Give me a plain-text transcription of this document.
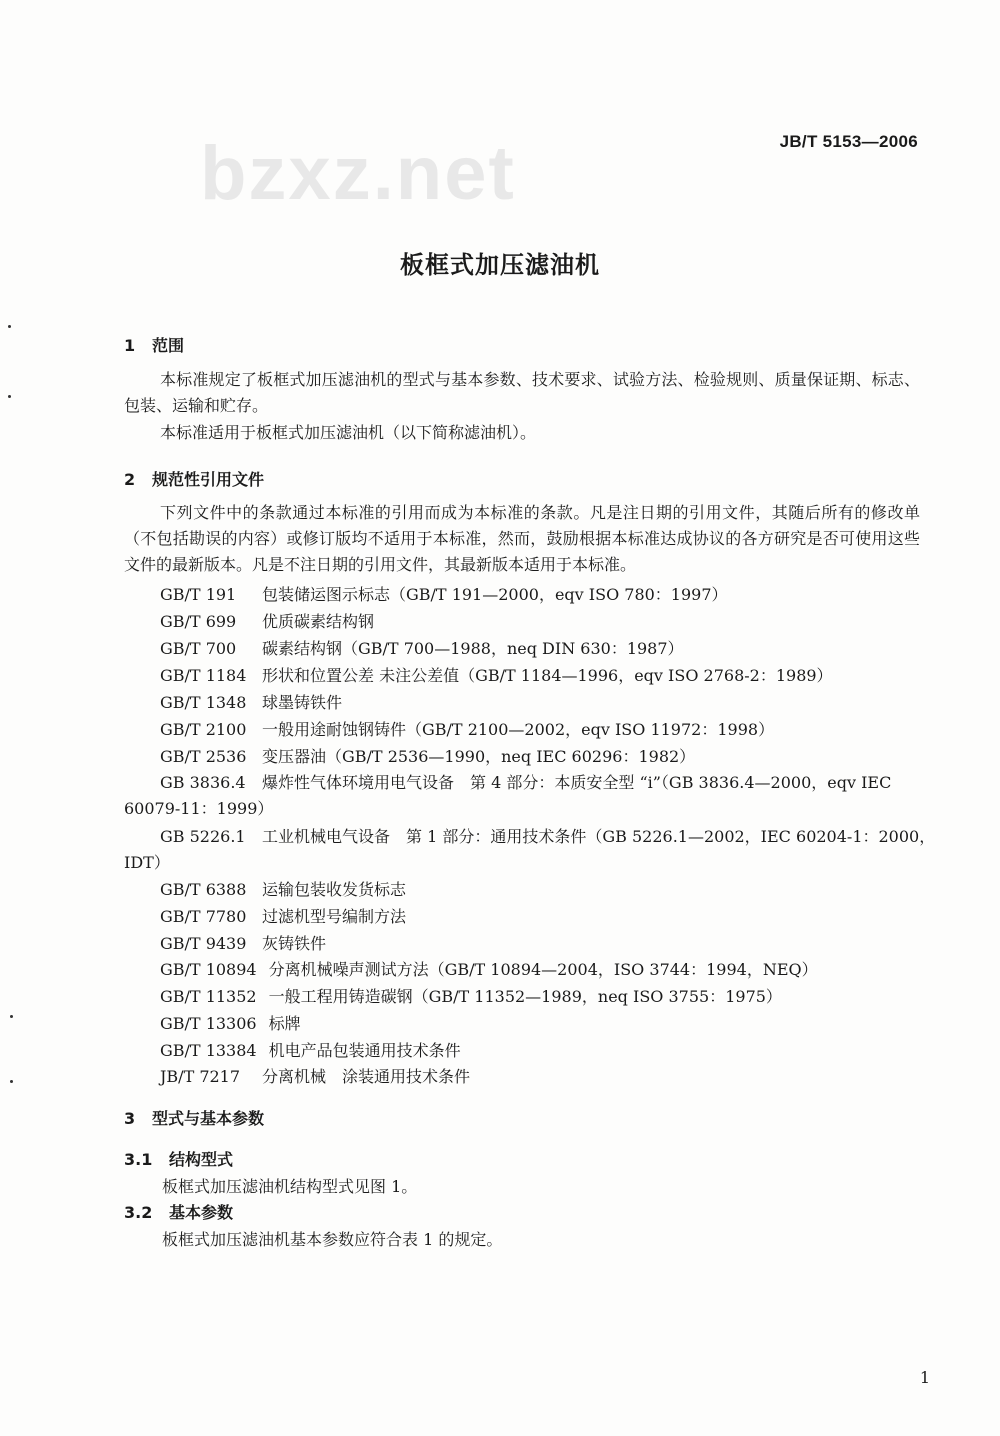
bzxz.net	JB/T 5153—2006
板框式加压滤油机
1 范围
本标准规定了板框式加压滤油机的型式与基本参数、技术要求、试验方法、检验规则、质量保证期、标志、包装、运输和贮存。
本标准适用于板框式加压滤油机（以下简称滤油机）。
2 规范性引用文件
下列文件中的条款通过本标准的引用而成为本标准的条款。凡是注日期的引用文件，其随后所有的修改单（不包括勘误的内容）或修订版均不适用于本标准，然而，鼓励根据本标准达成协议的各方研究是否可使用这些文件的最新版本。凡是不注日期的引用文件，其最新版本适用于本标准。
GB/T 191 包装储运图示标志（GB/T 191—2000，eqv ISO 780：1997）
GB/T 699 优质碳素结构钢
GB/T 700 碳素结构钢（GB/T 700—1988，neq DIN 630：1987）
GB/T 1184 形状和位置公差 未注公差值（GB/T 1184—1996，eqv ISO 2768-2：1989）
GB/T 1348 球墨铸铁件
GB/T 2100 一般用途耐蚀钢铸件（GB/T 2100—2002，eqv ISO 11972：1998）
GB/T 2536 变压器油（GB/T 2536—1990，neq IEC 60296：1982）
GB 3836.4 爆炸性气体环境用电气设备　第 4 部分：本质安全型 “i”（GB 3836.4—2000，eqv IEC
60079-11：1999）
GB 5226.1 工业机械电气设备　第 1 部分：通用技术条件（GB 5226.1—2002，IEC 60204-1：2000，
IDT）
GB/T 6388 运输包装收发货标志
GB/T 7780 过滤机型号编制方法
GB/T 9439 灰铸铁件
GB/T 10894 分离机械噪声测试方法（GB/T 10894—2004，ISO 3744：1994，NEQ）
GB/T 11352 一般工程用铸造碳钢（GB/T 11352—1989，neq ISO 3755：1975）
GB/T 13306 标牌
GB/T 13384 机电产品包装通用技术条件
JB/T 7217 分离机械　涂装通用技术条件
3 型式与基本参数
3.1 结构型式
板框式加压滤油机结构型式见图 1。
3.2 基本参数
板框式加压滤油机基本参数应符合表 1 的规定。
1
